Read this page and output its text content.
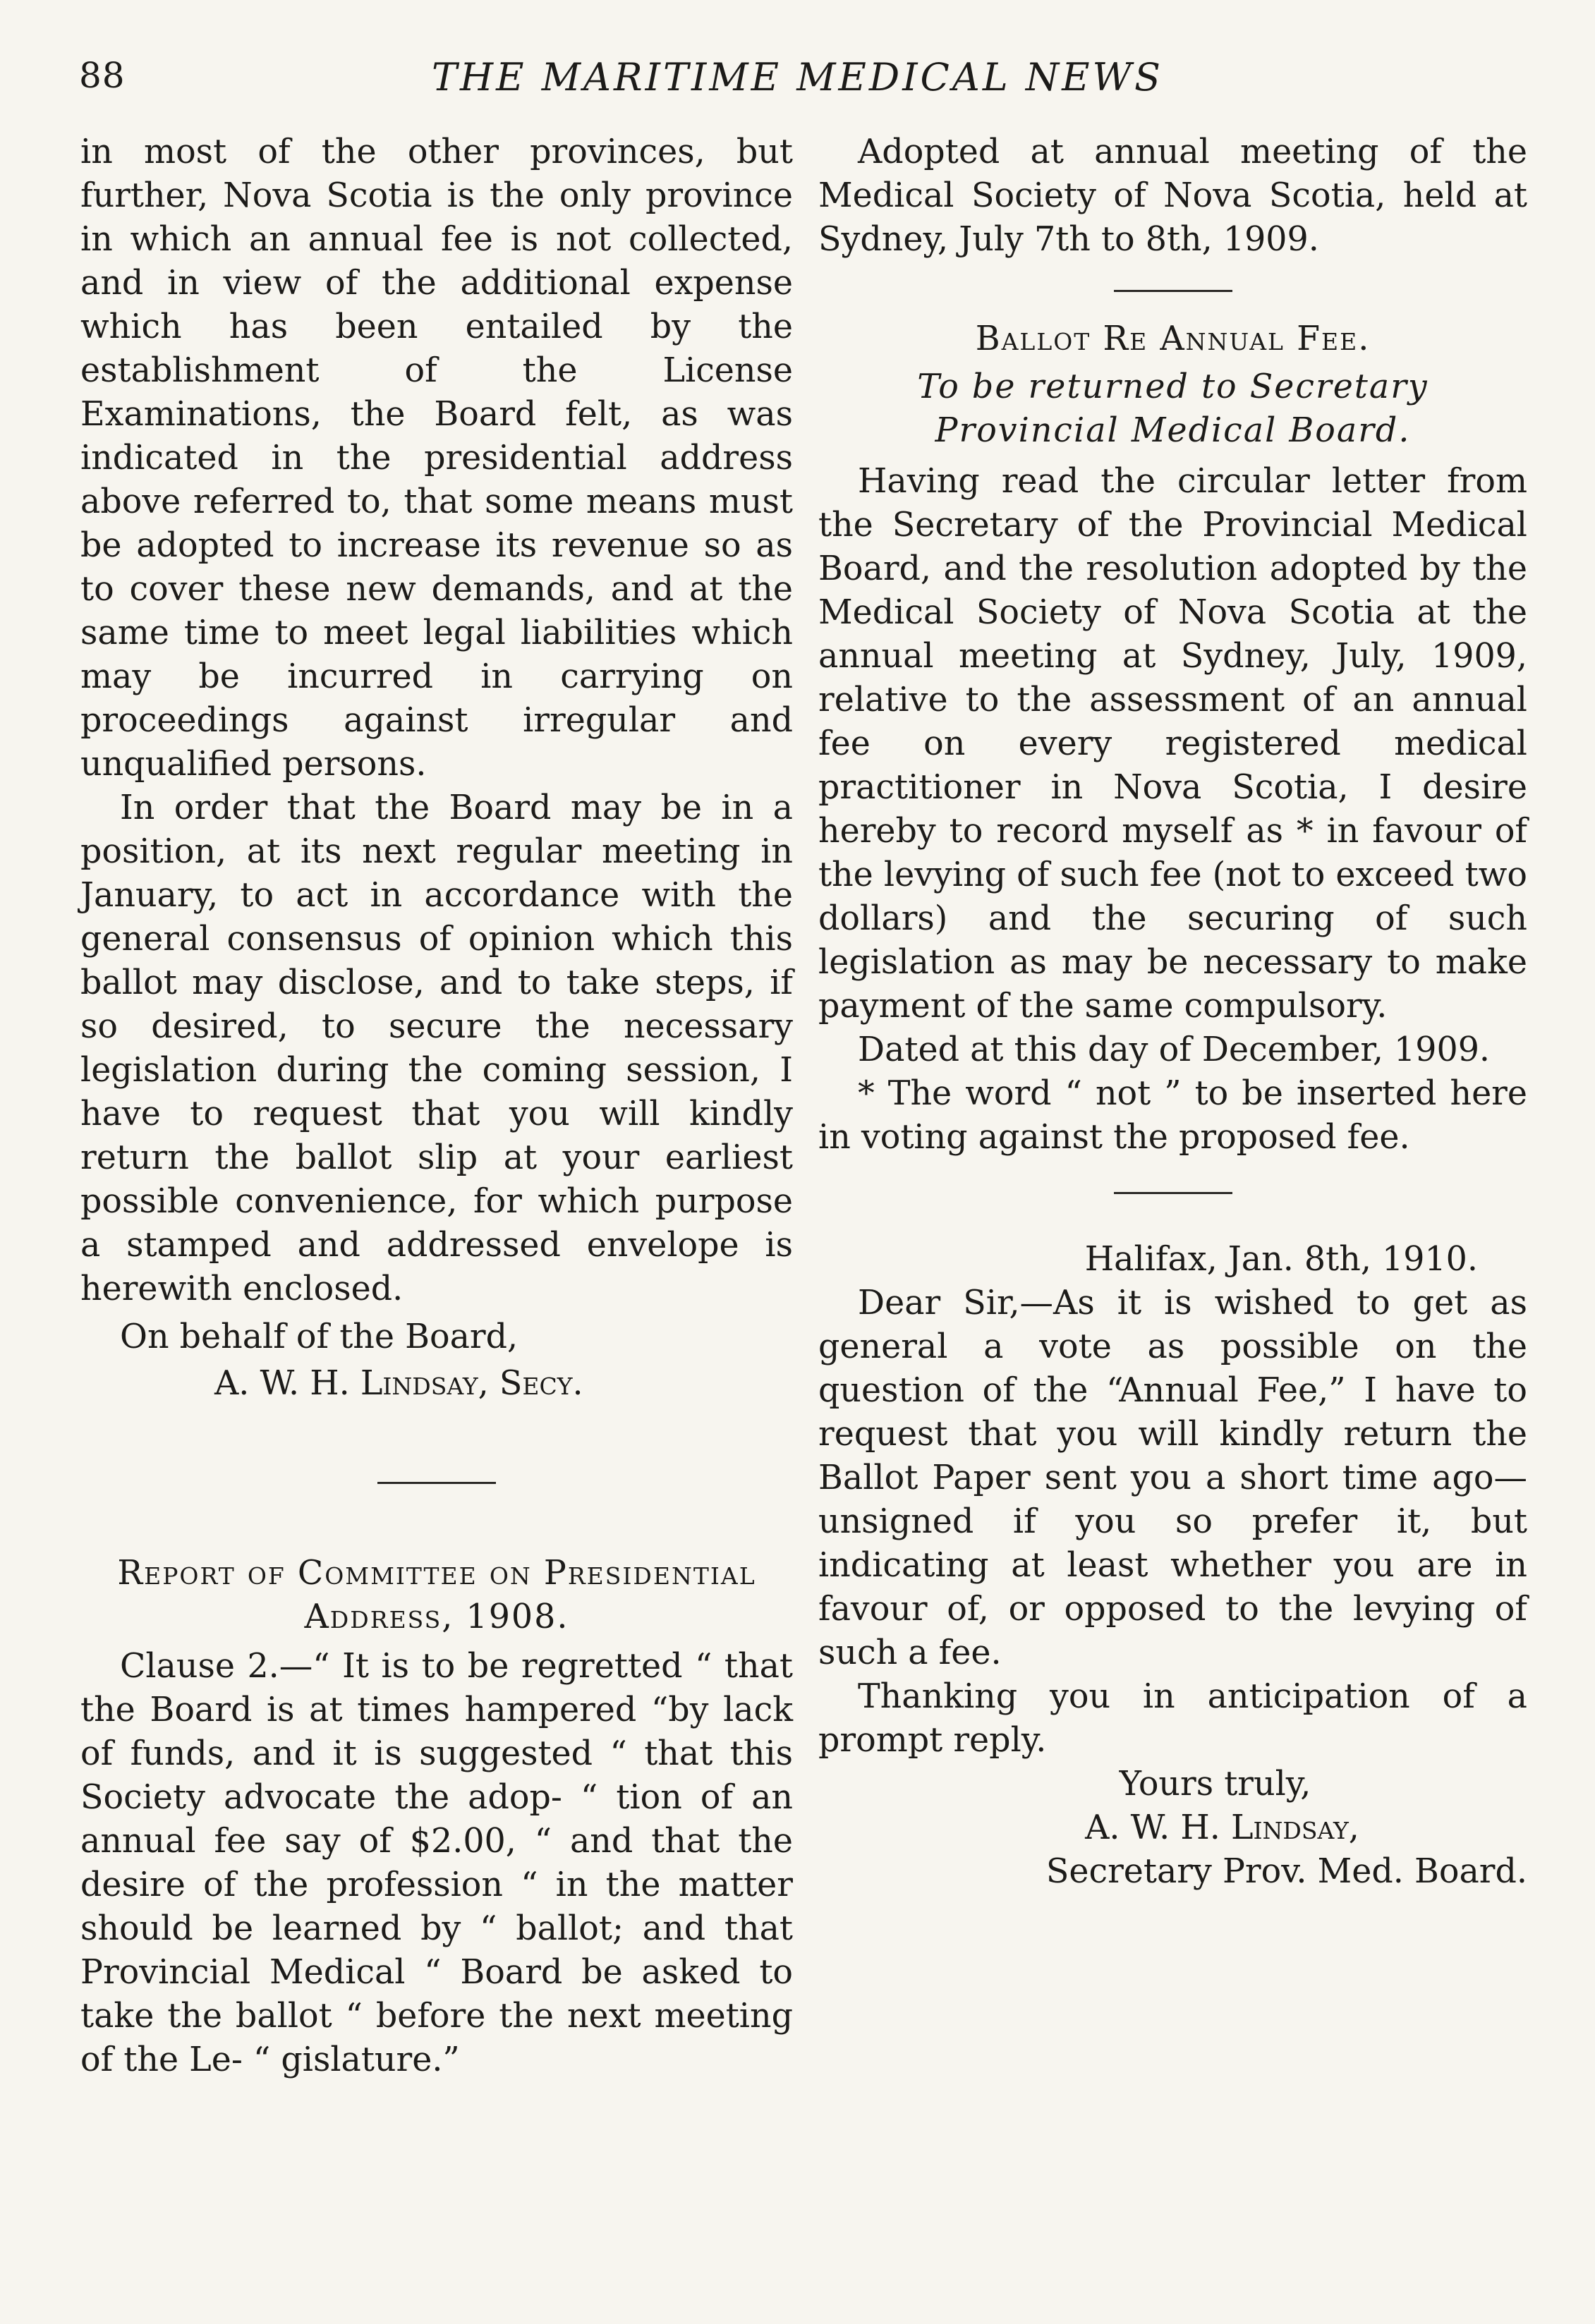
88	THE MARITIME MEDICAL NEWS

in most of the other provinces, but further, Nova Scotia is the only province in which an annual fee is not collected, and in view of the additional expense which has been entailed by the establishment of the License Examinations, the Board felt, as was indicated in the presidential address above referred to, that some means must be adopted to increase its revenue so as to cover these new demands, and at the same time to meet legal liabilities which may be incurred in carrying on proceedings against irregular and unqualified persons.

In order that the Board may be in a position, at its next regular meeting in January, to act in accordance with the general consensus of opinion which this ballot may disclose, and to take steps, if so desired, to secure the necessary legislation during the coming session, I have to request that you will kindly return the ballot slip at your earliest possible convenience, for which purpose a stamped and addressed envelope is herewith enclosed.

On behalf of the Board,

A. W. H. Lindsay, Secy.

Report of Committee on Presidential Address, 1908.

Clause 2.—“ It is to be regretted “ that the Board is at times hampered “by lack of funds, and it is suggested “ that this Society advocate the adop- “ tion of an annual fee say of $2.00, “ and that the desire of the profession “ in the matter should be learned by “ ballot; and that Provincial Medical “ Board be asked to take the ballot “ before the next meeting of the Le- “ gislature.”

Adopted at annual meeting of the Medical Society of Nova Scotia, held at Sydney, July 7th to 8th, 1909.

Ballot Re Annual Fee.

To be returned to Secretary Provincial Medical Board.

Having read the circular letter from the Secretary of the Provincial Medical Board, and the resolution adopted by the Medical Society of Nova Scotia at the annual meeting at Sydney, July, 1909, relative to the assessment of an annual fee on every registered medical practitioner in Nova Scotia, I desire hereby to record myself as * in favour of the levying of such fee (not to exceed two dollars) and the securing of such legislation as may be necessary to make payment of the same compulsory.

Dated at this day of December, 1909.

* The word “ not ” to be inserted here in voting against the proposed fee.

Halifax, Jan. 8th, 1910.

Dear Sir,—As it is wished to get as general a vote as possible on the question of the “Annual Fee,” I have to request that you will kindly return the Ballot Paper sent you a short time ago—unsigned if you so prefer it, but indicating at least whether you are in favour of, or opposed to the levying of such a fee.

Thanking you in anticipation of a prompt reply.

Yours truly,

A. W. H. Lindsay,

Secretary Prov. Med. Board.
